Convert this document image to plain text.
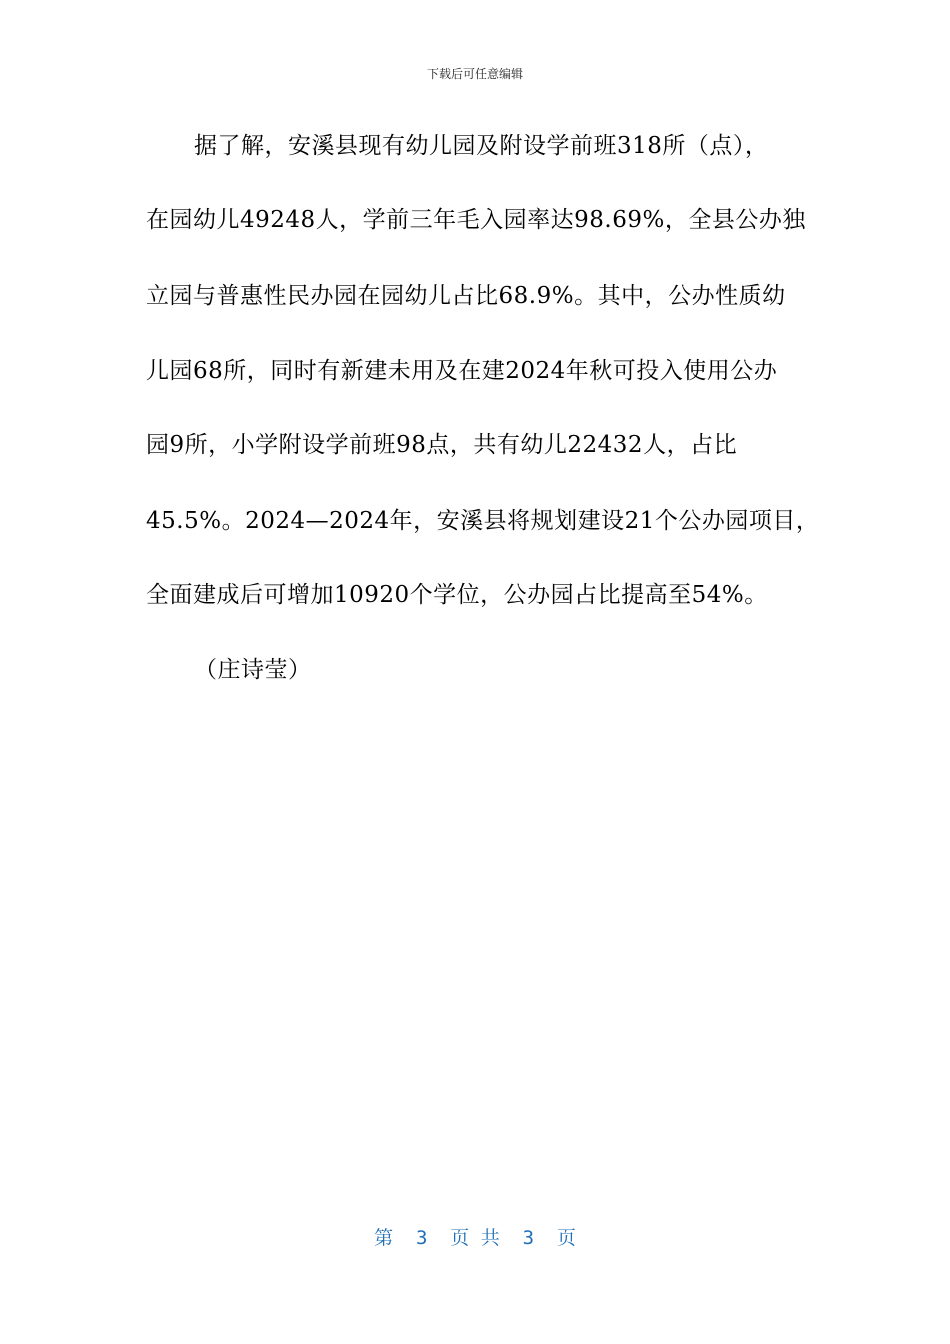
下载后可任意编辑
据了解，安溪县现有幼儿园及附设学前班318所（点），
在园幼儿49248人，学前三年毛入园率达98.69%，全县公办独
立园与普惠性民办园在园幼儿占比68.9%。其中，公办性质幼
儿园68所，同时有新建未用及在建2024年秋可投入使用公办
园9所，小学附设学前班98点，共有幼儿22432人，占比
45.5%。2024—2024年，安溪县将规划建设21个公办园项目，
全面建成后可增加10920个学位，公办园占比提高至54%。
（庄诗莹）
第  3  页 共  3  页
